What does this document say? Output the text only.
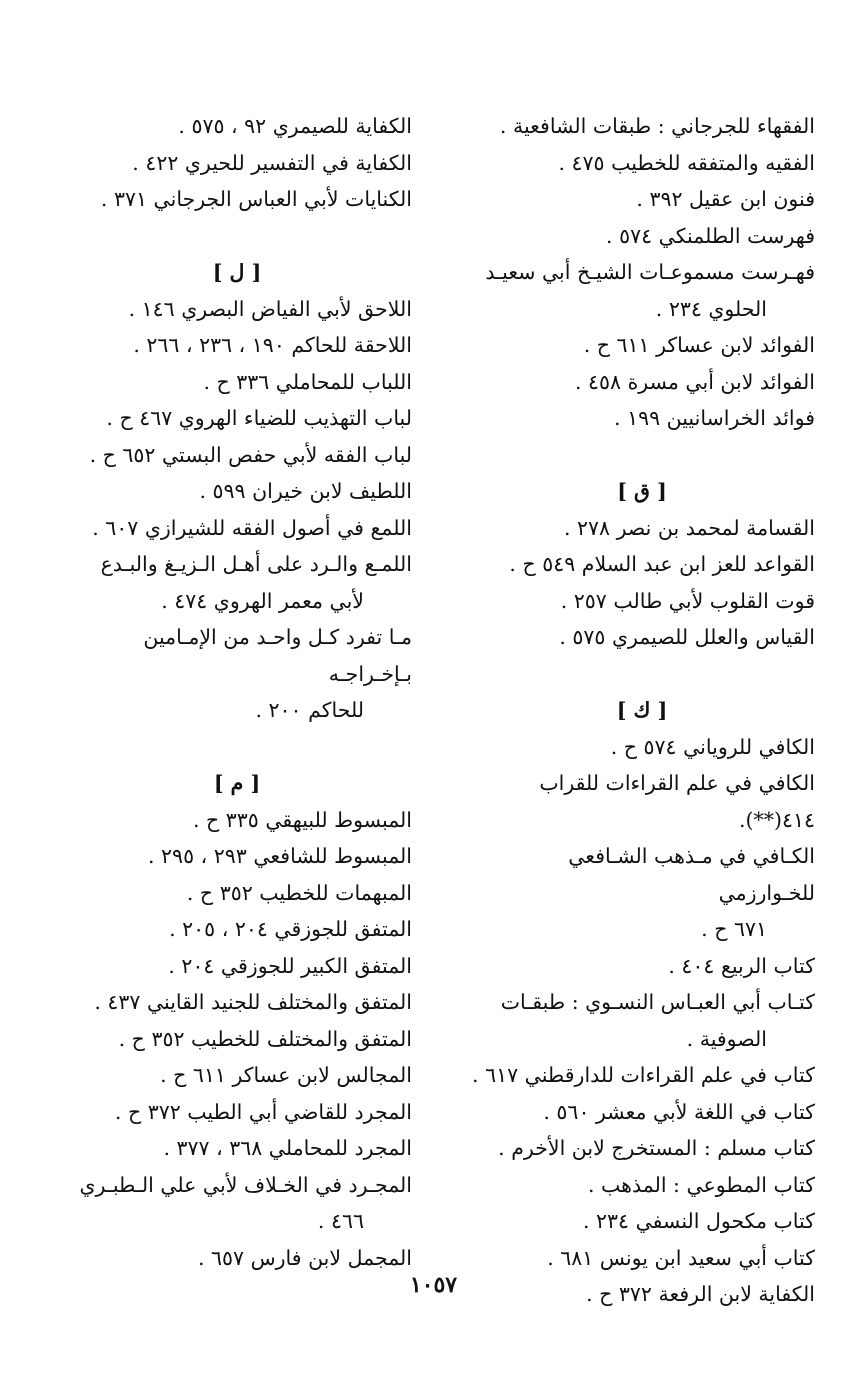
الفقهاء للجرجاني : طبقات الشافعية .
الفقيه والمتفقه للخطيب ٤٧٥ .
فنون ابن عقيل ٣٩٢ .
فهرست الطلمنكي ٥٧٤ .
فهـرست مسموعـات الشيـخ أبي سعيـد
الحلوي ٢٣٤ .
الفوائد لابن عساكر ٦١١ ح .
الفوائد لابن أبي مسرة ٤٥٨ .
فوائد الخراسانيين ١٩٩ .
[ ق ]
القسامة لمحمد بن نصر ٢٧٨ .
القواعد للعز ابن عبد السلام ٥٤٩ ح .
قوت القلوب لأبي طالب ٢٥٧ .
القياس والعلل للصيمري ٥٧٥ .
[ ك ]
الكافي للروياني ٥٧٤ ح .
الكافي في علم القراءات للقراب ٤١٤(**).
الكـافي في مـذهب الشـافعي للخـوارزمي
٦٧١ ح .
كتاب الربيع ٤٠٤ .
كتـاب أبي العبـاس النسـوي : طبقـات
الصوفية .
كتاب في علم القراءات للدارقطني ٦١٧ .
كتاب في اللغة لأبي معشر ٥٦٠ .
كتاب مسلم : المستخرج لابن الأخرم .
كتاب المطوعي : المذهب .
كتاب مكحول النسفي ٢٣٤ .
كتاب أبي سعيد ابن يونس ٦٨١ .
الكفاية لابن الرفعة ٣٧٢ ح .
الكفاية للصيمري ٩٢ ، ٥٧٥ .
الكفاية في التفسير للحيري ٤٢٢ .
الكنايات لأبي العباس الجرجاني ٣٧١ .
[ ل ]
اللاحق لأبي الفياض البصري ١٤٦ .
اللاحقة للحاكم ١٩٠ ، ٢٣٦ ، ٢٦٦ .
اللباب للمحاملي ٣٣٦ ح .
لباب التهذيب للضياء الهروي ٤٦٧ ح .
لباب الفقه لأبي حفص البستي ٦٥٢ ح .
اللطيف لابن خيران ٥٩٩ .
اللمع في أصول الفقه للشيرازي ٦٠٧ .
اللمـع والـرد على أهـل الـزيـغ والبـدع
لأبي معمر الهروي ٤٧٤ .
مـا تفرد كـل واحـد من الإمـامين بـإخـراجـه
للحاكم ٢٠٠ .
[ م ]
المبسوط للبيهقي ٣٣٥ ح .
المبسوط للشافعي ٢٩٣ ، ٢٩٥ .
المبهمات للخطيب ٣٥٢ ح .
المتفق للجوزقي ٢٠٤ ، ٢٠٥ .
المتفق الكبير للجوزقي ٢٠٤ .
المتفق والمختلف للجنيد القايني ٤٣٧ .
المتفق والمختلف للخطيب ٣٥٢ ح .
المجالس لابن عساكر ٦١١ ح .
المجرد للقاضي أبي الطيب ٣٧٢ ح .
المجرد للمحاملي ٣٦٨ ، ٣٧٧ .
المجـرد في الخـلاف لأبي علي الـطبـري
٤٦٦ .
المجمل لابن فارس ٦٥٧ .
١٠٥٧
